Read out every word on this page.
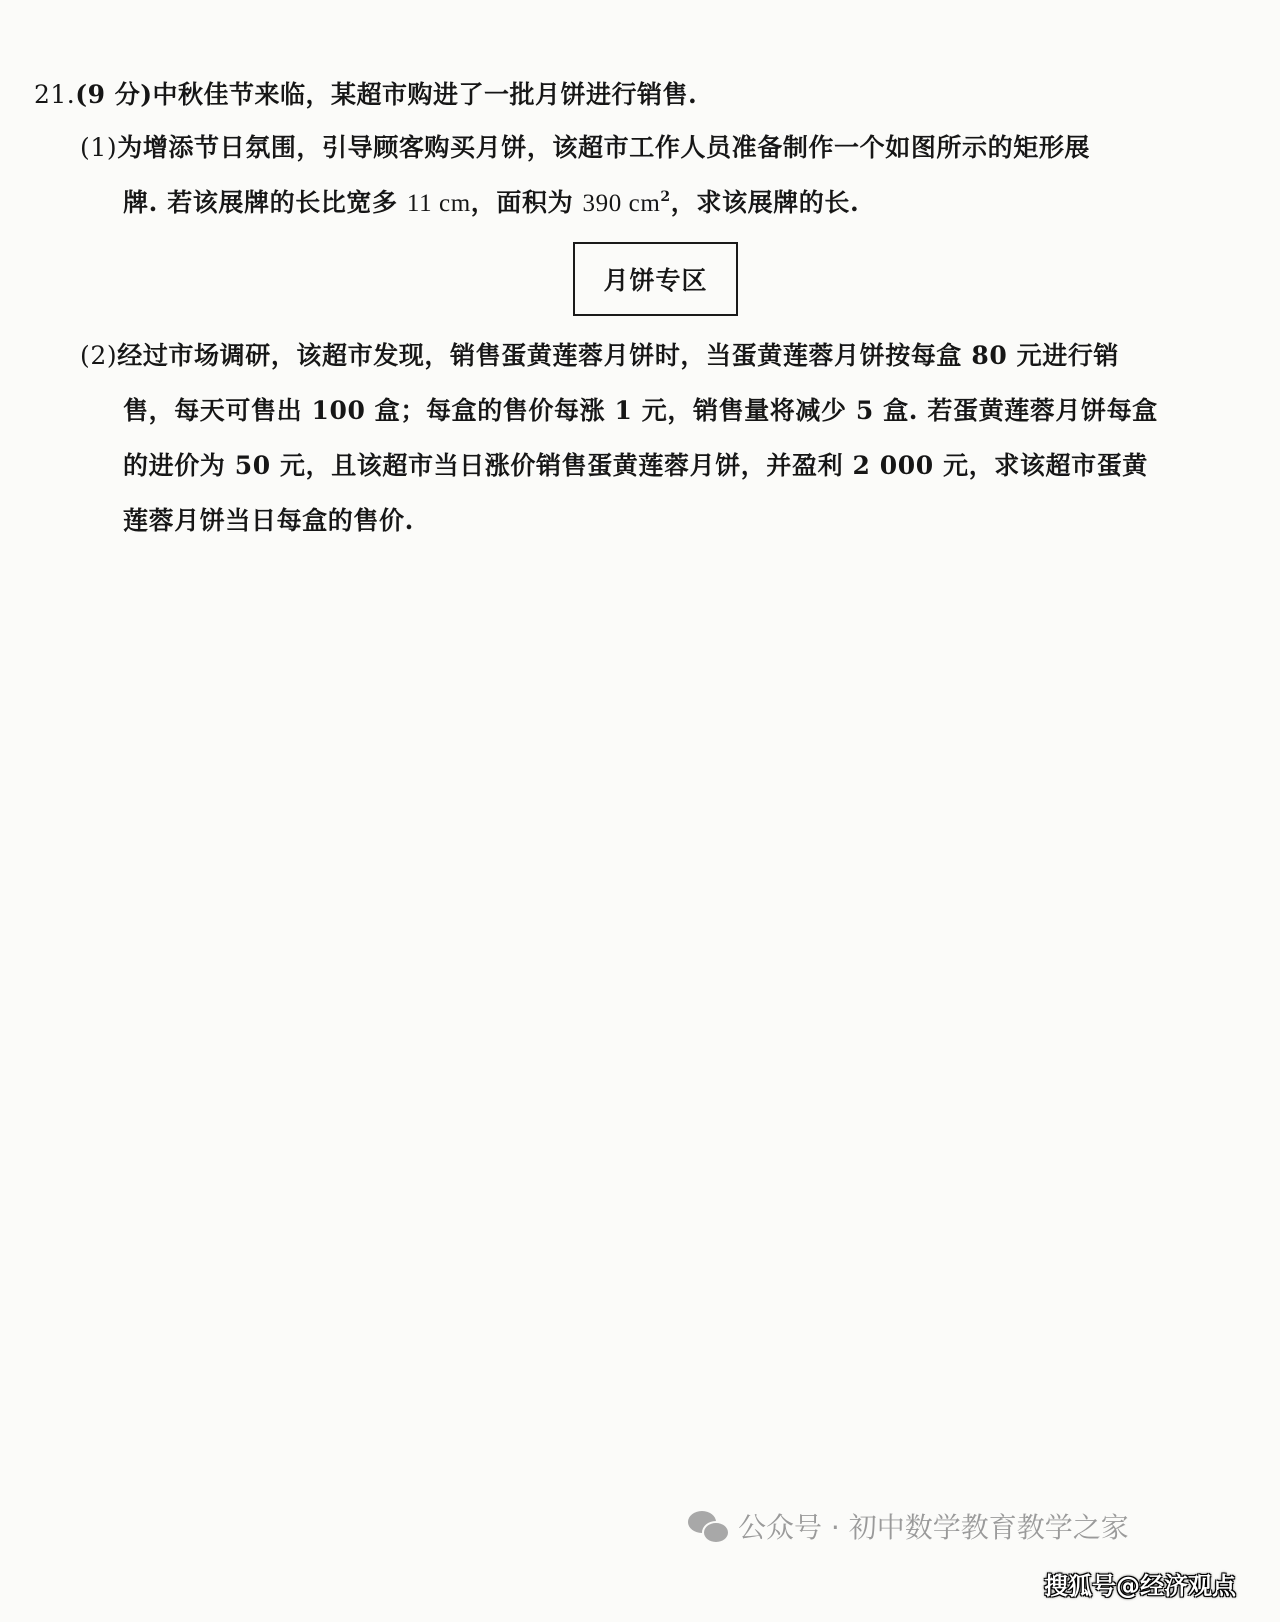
21.(9 分)中秋佳节来临，某超市购进了一批月饼进行销售.
(1)为增添节日氛围，引导顾客购买月饼，该超市工作人员准备制作一个如图所示的矩形展
牌. 若该展牌的长比宽多 11 cm，面积为 390 $cm^2$，求该展牌的长.
月饼专区
(2)经过市场调研，该超市发现，销售蛋黄莲蓉月饼时，当蛋黄莲蓉月饼按每盒 80 元进行销
售，每天可售出 100 盒；每盒的售价每涨 1 元，销售量将减少 5 盒. 若蛋黄莲蓉月饼每盒
的进价为 50 元，且该超市当日涨价销售蛋黄莲蓉月饼，并盈利 2 000 元，求该超市蛋黄
莲蓉月饼当日每盒的售价.
公众号 · 初中数学教育教学之家
搜狐号@经济观点
